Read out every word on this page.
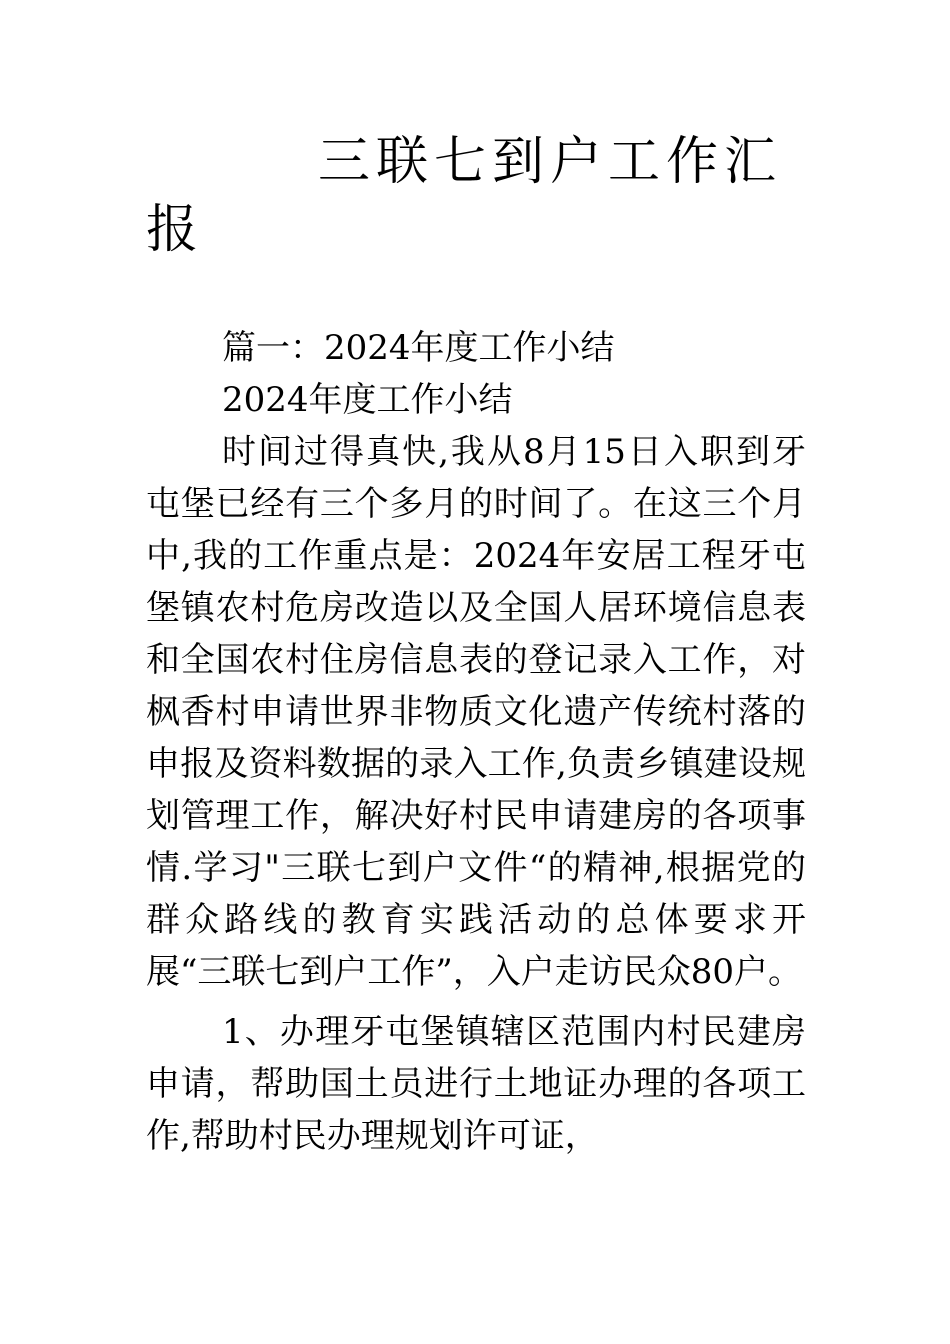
三联七到户工作汇报

篇一：2024年度工作小结

2024年度工作小结

时间过得真快,我从8月15日入职到牙屯堡已经有三个多月的时间了。在这三个月中,我的工作重点是：2024年安居工程牙屯堡镇农村危房改造以及全国人居环境信息表和全国农村住房信息表的登记录入工作，对枫香村申请世界非物质文化遗产传统村落的申报及资料数据的录入工作,负责乡镇建设规划管理工作，解决好村民申请建房的各项事情.学习"三联七到户文件“的精神,根据党的群众路线的教育实践活动的总体要求开展“三联七到户工作”，入户走访民众80户。

1、办理牙屯堡镇辖区范围内村民建房申请，帮助国土员进行土地证办理的各项工作,帮助村民办理规划许可证，
